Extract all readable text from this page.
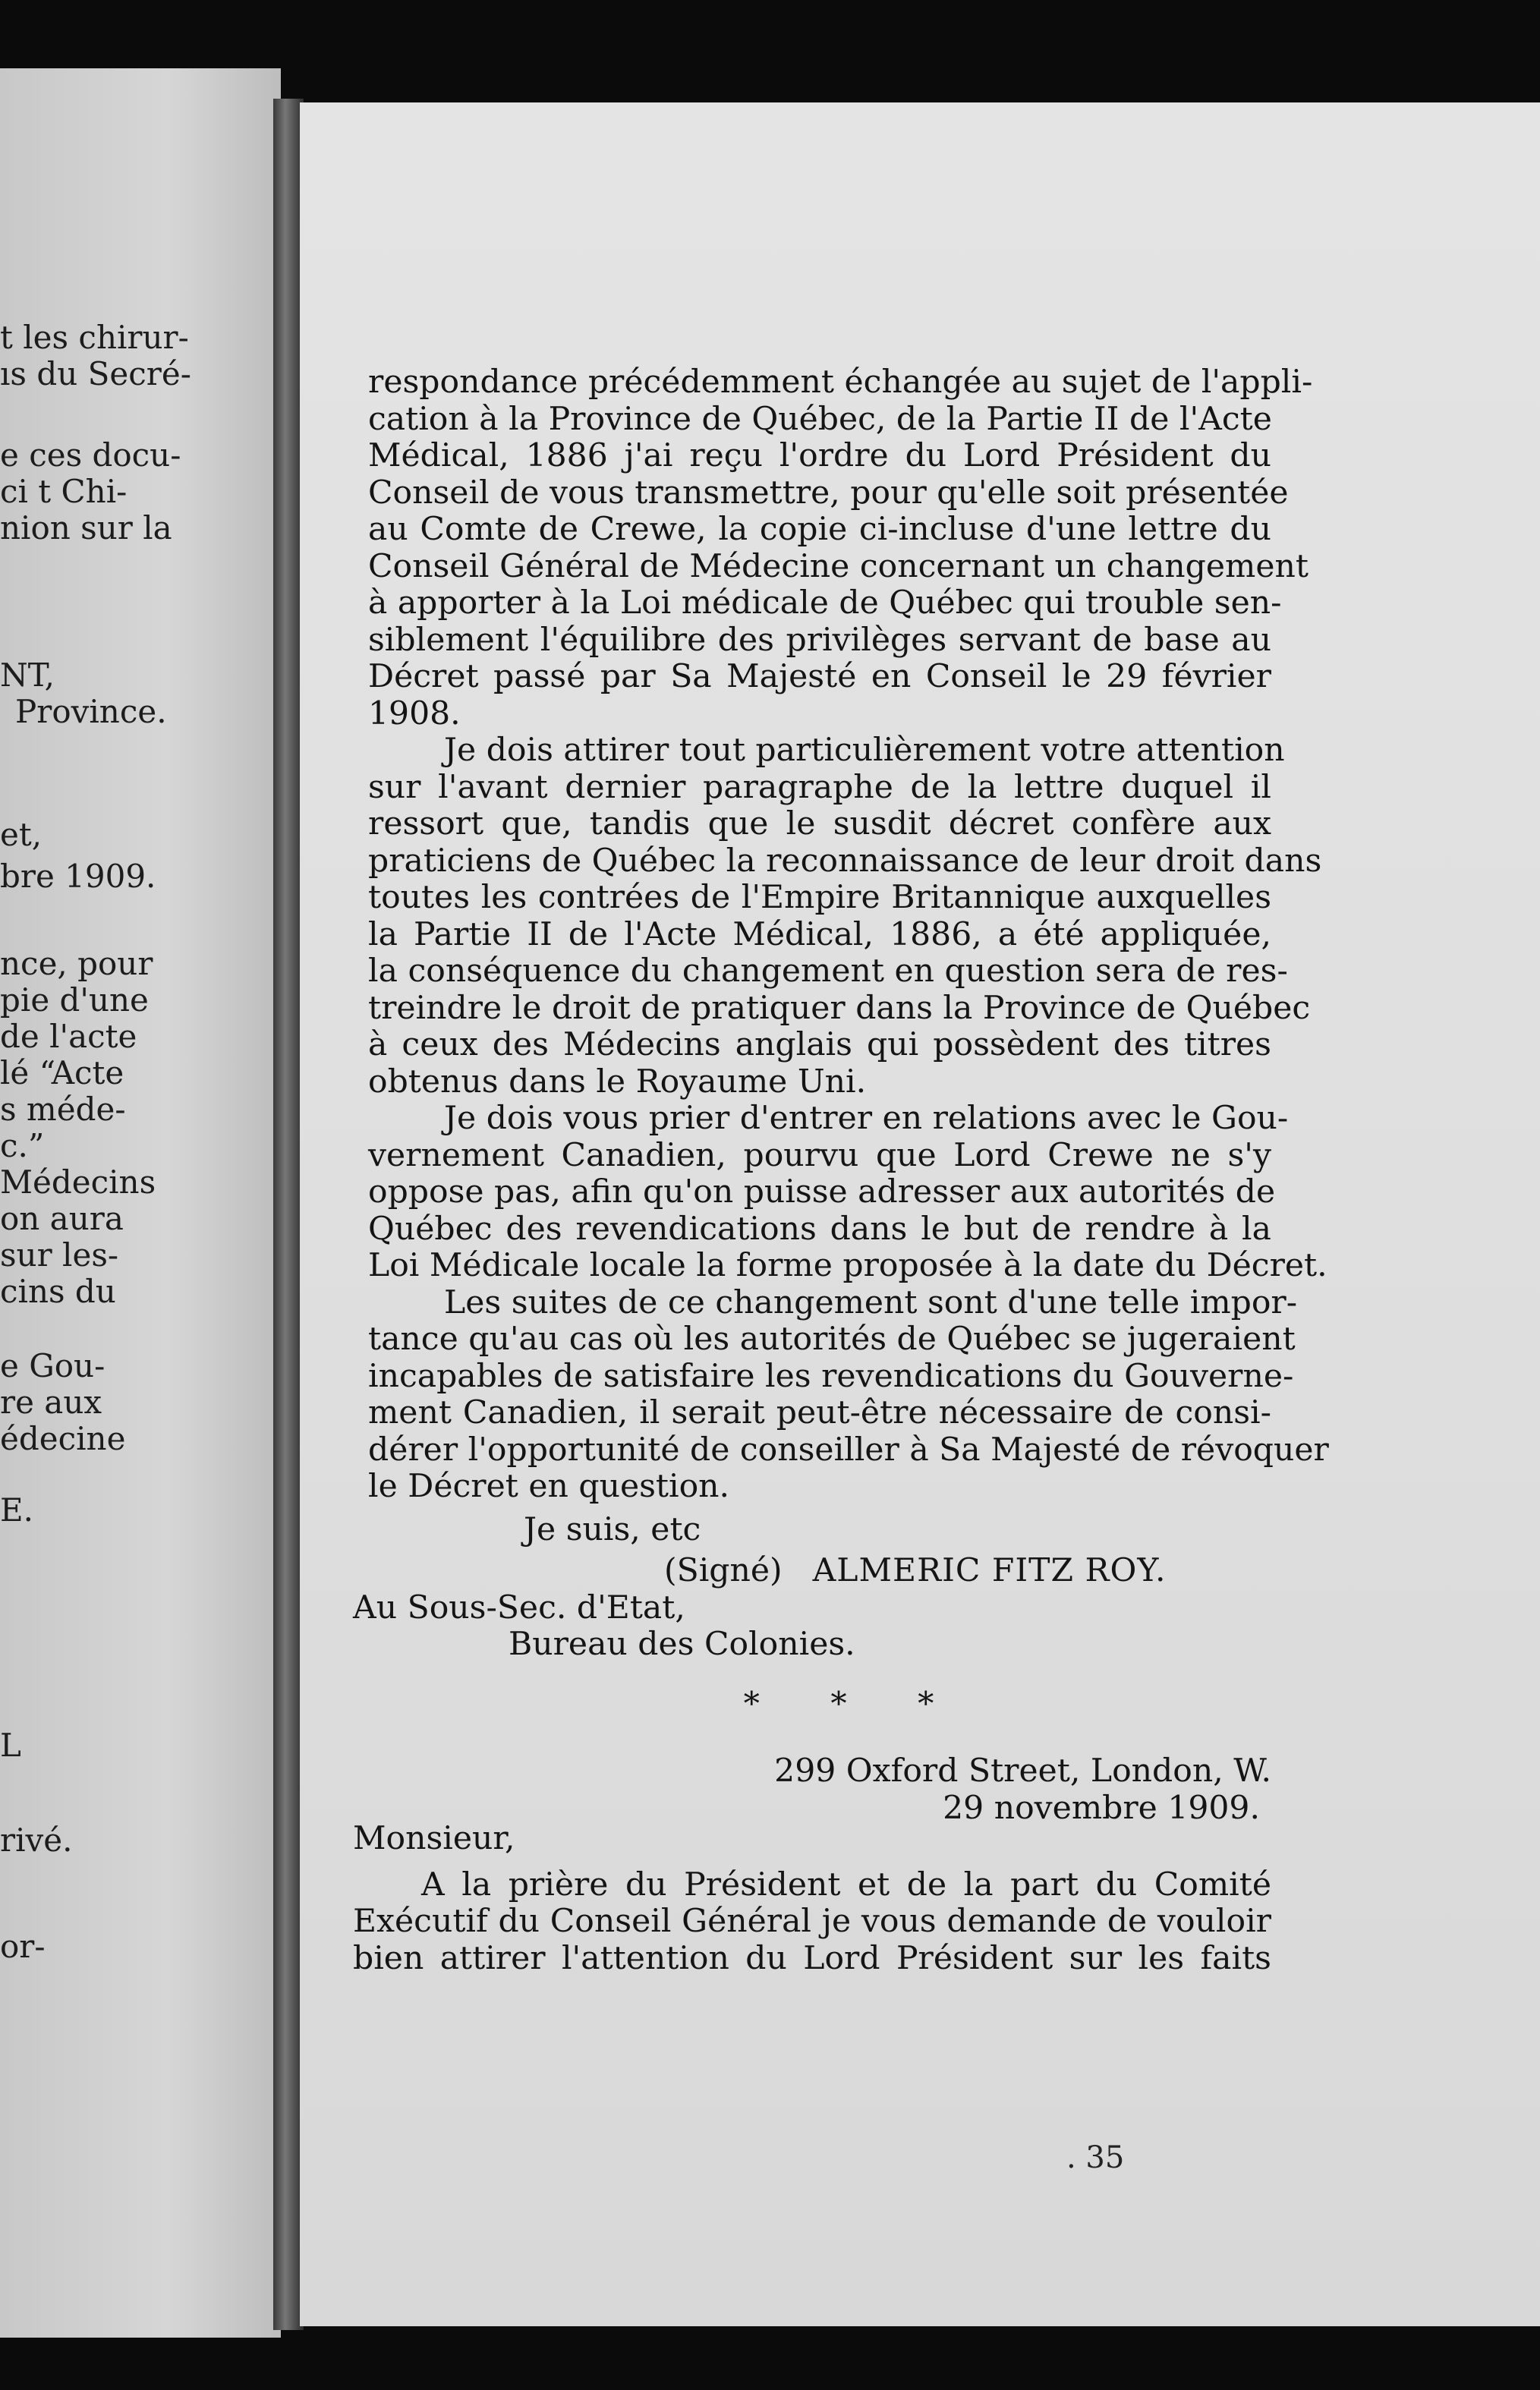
t les chirur-
ıs du Secré-
e ces docu-
ci t Chi-
nion sur la
NT,
Province.
et,
bre 1909.
nce, pour
pie d'une
de l'acte
lé “Acte
s méde-
c.”
Médecins
on aura
sur les-
cins du
e Gou-
re aux
édecine
E.
L
rivé.
or-
respondance précédemment échangée au sujet de l'appli-
cation à la Province de Québec, de la Partie II de l'Acte
Médical, 1886 j'ai reçu l'ordre du Lord Président du
Conseil de vous transmettre, pour qu'elle soit présentée
au Comte de Crewe, la copie ci-incluse d'une lettre du
Conseil Général de Médecine concernant un changement
à apporter à la Loi médicale de Québec qui trouble sen-
siblement l'équilibre des privilèges servant de base au
Décret passé par Sa Majesté en Conseil le 29 février
1908.
Je dois attirer tout particulièrement votre attention
sur l'avant dernier paragraphe de la lettre duquel il
ressort que, tandis que le susdit décret confère aux
praticiens de Québec la reconnaissance de leur droit dans
toutes les contrées de l'Empire Britannique auxquelles
la Partie II de l'Acte Médical, 1886, a été appliquée,
la conséquence du changement en question sera de res-
treindre le droit de pratiquer dans la Province de Québec
à ceux des Médecins anglais qui possèdent des titres
obtenus dans le Royaume Uni.
Je dois vous prier d'entrer en relations avec le Gou-
vernement Canadien, pourvu que Lord Crewe ne s'y
oppose pas, afin qu'on puisse adresser aux autorités de
Québec des revendications dans le but de rendre à la
Loi Médicale locale la forme proposée à la date du Décret.
Les suites de ce changement sont d'une telle impor-
tance qu'au cas où les autorités de Québec se jugeraient
incapables de satisfaire les revendications du Gouverne-
ment Canadien, il serait peut-être nécessaire de consi-
dérer l'opportunité de conseiller à Sa Majesté de révoquer
le Décret en question.
Je suis, etc
(Signé) ALMERIC FITZ ROY.
Au Sous-Sec. d'Etat,
Bureau des Colonies.
* * *
299 Oxford Street, London, W.
29 novembre 1909.
Monsieur,
A la prière du Président et de la part du Comité
Exécutif du Conseil Général je vous demande de vouloir
bien attirer l'attention du Lord Président sur les faits
. 35
